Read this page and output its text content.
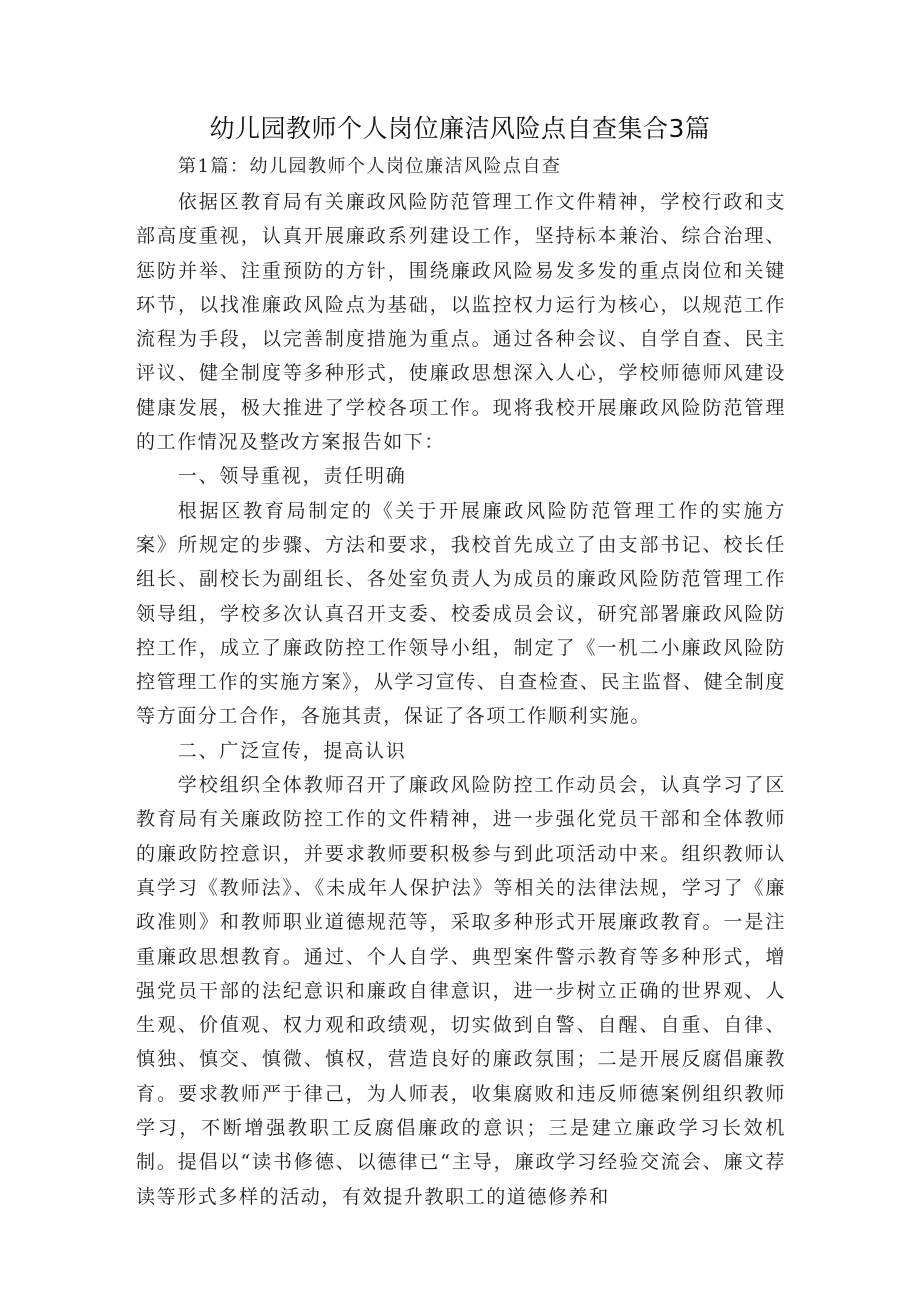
幼儿园教师个人岗位廉洁风险点自查集合3篇
第1篇：幼儿园教师个人岗位廉洁风险点自查

依据区教育局有关廉政风险防范管理工作文件精神，学校行政和支部高度重视，认真开展廉政系列建设工作，坚持标本兼治、综合治理、惩防并举、注重预防的方针，围绕廉政风险易发多发的重点岗位和关键环节，以找准廉政风险点为基础，以监控权力运行为核心，以规范工作流程为手段，以完善制度措施为重点。通过各种会议、自学自查、民主评议、健全制度等多种形式，使廉政思想深入人心，学校师德师风建设健康发展，极大推进了学校各项工作。现将我校开展廉政风险防范管理的工作情况及整改方案报告如下：

一、领导重视，责任明确

根据区教育局制定的《关于开展廉政风险防范管理工作的实施方案》所规定的步骤、方法和要求，我校首先成立了由支部书记、校长任组长、副校长为副组长、各处室负责人为成员的廉政风险防范管理工作领导组，学校多次认真召开支委、校委成员会议，研究部署廉政风险防控工作，成立了廉政防控工作领导小组，制定了《一机二小廉政风险防控管理工作的实施方案》，从学习宣传、自查检查、民主监督、健全制度等方面分工合作，各施其责，保证了各项工作顺利实施。

二、广泛宣传，提高认识

学校组织全体教师召开了廉政风险防控工作动员会，认真学习了区教育局有关廉政防控工作的文件精神，进一步强化党员干部和全体教师的廉政防控意识，并要求教师要积极参与到此项活动中来。组织教师认真学习《教师法》、《未成年人保护法》等相关的法律法规，学习了《廉政准则》和教师职业道德规范等，采取多种形式开展廉政教育。一是注重廉政思想教育。通过、个人自学、典型案件警示教育等多种形式，增强党员干部的法纪意识和廉政自律意识，进一步树立正确的世界观、人生观、价值观、权力观和政绩观，切实做到自警、自醒、自重、自律、慎独、慎交、慎微、慎权，营造良好的廉政氛围；二是开展反腐倡廉教育。要求教师严于律己，为人师表，收集腐败和违反师德案例组织教师学习，不断增强教职工反腐倡廉政的意识；三是建立廉政学习长效机制。提倡以“读书修德、以德律已“主导，廉政学习经验交流会、廉文荐读等形式多样的活动，有效提升教职工的道德修养和
